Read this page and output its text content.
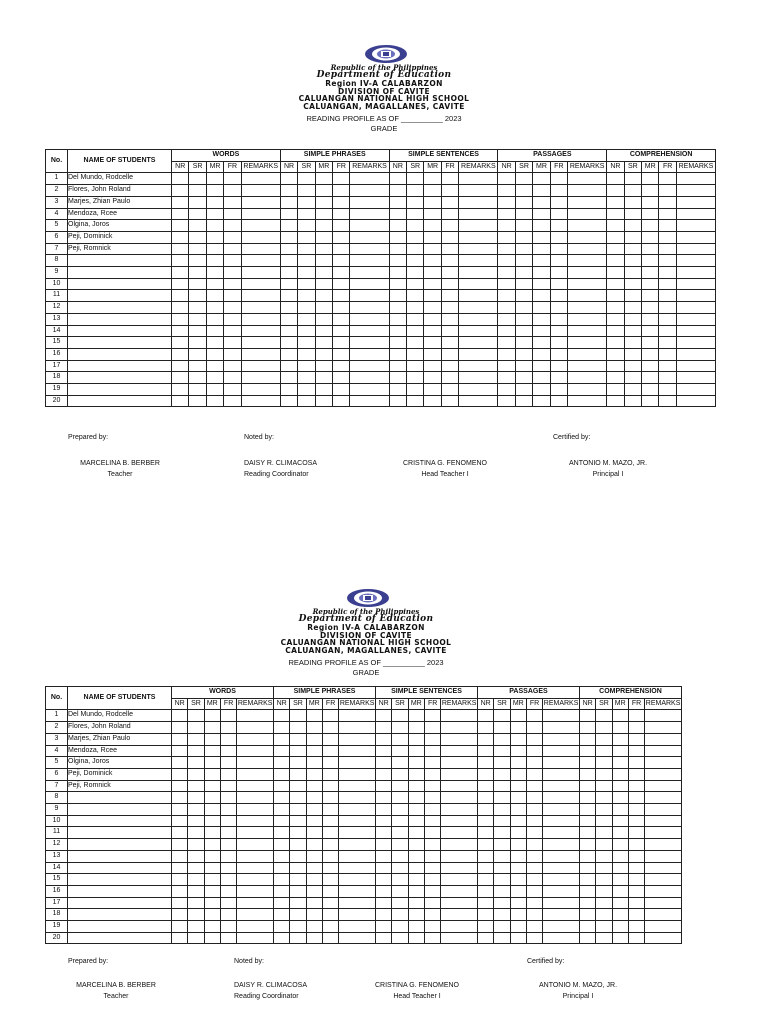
Republic of the Philippines
Department of Education
Region IV-A CALABARZON
DIVISION OF CAVITE
CALUANGAN NATIONAL HIGH SCHOOL
CALUANGAN, MAGALLANES, CAVITE
READING PROFILE AS OF __________ 2023
GRADE
No.	NAME OF STUDENTS	WORDS					SIMPLE PHRASES					SIMPLE SENTENCES					PASSAGES					COMPREHENSION				
		NR	SR	MR	FR	REMARKS	NR	SR	MR	FR	REMARKS	NR	SR	MR	FR	REMARKS	NR	SR	MR	FR	REMARKS	NR	SR	MR	FR	REMARKS
1	Del Mundo, Rodcelle																									
2	Flores, John Roland																									
3	Marjes, Zhian Paulo																									
4	Mendoza, Rcee																									
5	Olgina, Joros																									
6	Peji, Dominick																									
7	Peji, Romnick																									
8																										
9																										
10																										
11																										
12																										
13																										
14																										
15																										
16																										
17																										
18																										
19																										
20																										
Prepared by:	Noted by:	Certified by:
MARCELINA B. BERBER
Teacher
DAISY R. CLIMACOSA
Reading Coordinator
CRISTINA G. FENOMENO
Head Teacher I
ANTONIO M. MAZO, JR.
Principal I
Republic of the Philippines
Department of Education
Region IV-A CALABARZON
DIVISION OF CAVITE
CALUANGAN NATIONAL HIGH SCHOOL
CALUANGAN, MAGALLANES, CAVITE
READING PROFILE AS OF __________ 2023
GRADE
No.	NAME OF STUDENTS	WORDS					SIMPLE PHRASES					SIMPLE SENTENCES					PASSAGES					COMPREHENSION				
		NR	SR	MR	FR	REMARKS	NR	SR	MR	FR	REMARKS	NR	SR	MR	FR	REMARKS	NR	SR	MR	FR	REMARKS	NR	SR	MR	FR	REMARKS
1	Del Mundo, Rodcelle																									
2	Flores, John Roland																									
3	Marjes, Zhian Paulo																									
4	Mendoza, Rcee																									
5	Olgina, Joros																									
6	Peji, Dominick																									
7	Peji, Romnick																									
8																										
9																										
10																										
11																										
12																										
13																										
14																										
15																										
16																										
17																										
18																										
19																										
20																										
Prepared by:	Noted by:	Certified by:
MARCELINA B. BERBER
Teacher
DAISY R. CLIMACOSA
Reading Coordinator
CRISTINA G. FENOMENO
Head Teacher I
ANTONIO M. MAZO, JR.
Principal I
